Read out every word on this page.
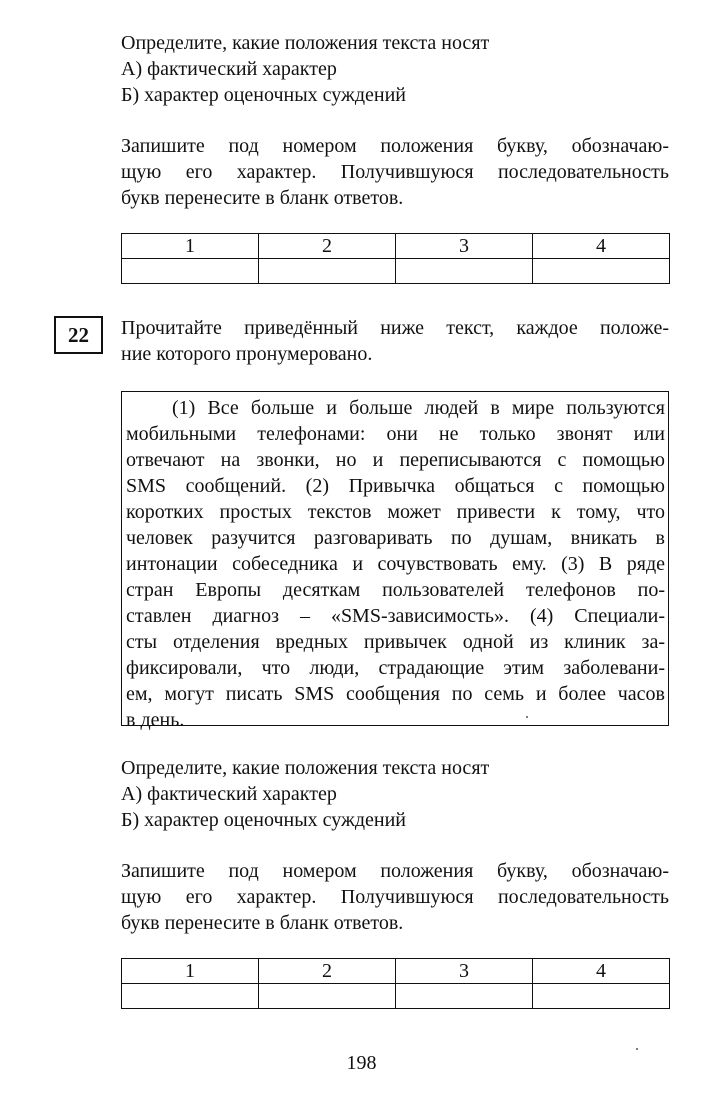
Определите, какие положения текста носят
А) фактический характер
Б) характер оценочных суждений
Запишите под номером положения букву, обозначаю-
щую его характер. Получившуюся последовательность
букв перенесите в бланк ответов.
1	2	3	4

22	Прочитайте приведённый ниже текст, каждое положе-
ние которого пронумеровано.
(1) Все больше и больше людей в мире пользуются
мобильными телефонами: они не только звонят или
отвечают на звонки, но и переписываются с помощью
SMS сообщений. (2) Привычка общаться с помощью
коротких простых текстов может привести к тому, что
человек разучится разговаривать по душам, вникать в
интонации собеседника и сочувствовать ему. (3) В ряде
стран Европы десяткам пользователей телефонов по-
ставлен диагноз – «SMS-зависимость». (4) Специали-
сты отделения вредных привычек одной из клиник за-
фиксировали, что люди, страдающие этим заболевани-
ем, могут писать SMS сообщения по семь и более часов
в день.
Определите, какие положения текста носят
А) фактический характер
Б) характер оценочных суждений
Запишите под номером положения букву, обозначаю-
щую его характер. Получившуюся последовательность
букв перенесите в бланк ответов.
1	2	3	4

198
